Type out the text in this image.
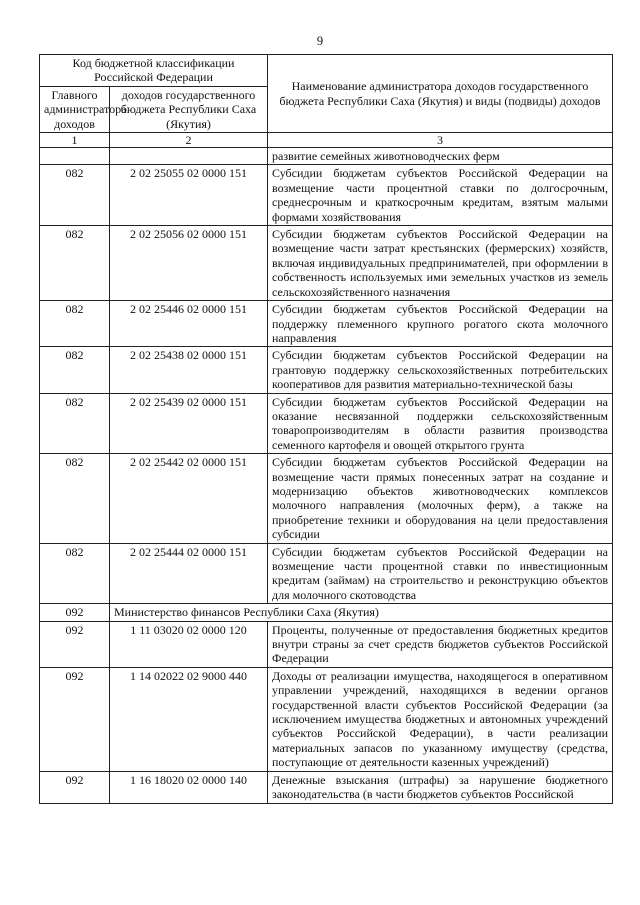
9
Код бюджетной классификации Российской Федерации		Наименование администратора доходов государственного бюджета Республики Саха (Якутия) и виды (подвиды) доходов
Главного администратора доходов	доходов государственного бюджета Республики Саха (Якутия)	
1	2	3
		развитие семейных животноводческих ферм
082	2 02 25055 02 0000 151	Субсидии бюджетам субъектов Российской Федерации на возмещение части процентной ставки по долгосрочным, среднесрочным и краткосрочным кредитам, взятым малыми формами хозяйствования
082	2 02 25056 02 0000 151	Субсидии бюджетам субъектов Российской Федерации на возмещение части затрат крестьянских (фермерских) хозяйств, включая индивидуальных предпринимателей, при оформлении в собственность используемых ими земельных участков из земель сельскохозяйственного назначения
082	2 02 25446 02 0000 151	Субсидии бюджетам субъектов Российской Федерации на поддержку племенного крупного рогатого скота молочного направления
082	2 02 25438 02 0000 151	Субсидии бюджетам субъектов Российской Федерации на грантовую поддержку сельскохозяйственных потребительских кооперативов для развития материально-технической базы
082	2 02 25439 02 0000 151	Субсидии бюджетам субъектов Российской Федерации на оказание несвязанной поддержки сельскохозяйственным товаропроизводителям в области развития производства семенного картофеля и овощей открытого грунта
082	2 02 25442 02 0000 151	Субсидии бюджетам субъектов Российской Федерации на возмещение части прямых понесенных затрат на создание и модернизацию объектов животноводческих комплексов молочного направления (молочных ферм), а также на приобретение техники и оборудования на цели предоставления субсидии
082	2 02 25444 02 0000 151	Субсидии бюджетам субъектов Российской Федерации на возмещение части процентной ставки по инвестиционным кредитам (займам) на строительство и реконструкцию объектов для молочного скотоводства
092	Министерство финансов Республики Саха (Якутия)	
092	1 11 03020 02 0000 120	Проценты, полученные от предоставления бюджетных кредитов внутри страны за счет средств бюджетов субъектов Российской Федерации
092	1 14 02022 02 9000 440	Доходы от реализации имущества, находящегося в оперативном управлении учреждений, находящихся в ведении органов государственной власти субъектов Российской Федерации (за исключением имущества бюджетных и автономных учреждений субъектов Российской Федерации), в части реализации материальных запасов по указанному имуществу (средства, поступающие от деятельности казенных учреждений)
092	1 16 18020 02 0000 140	Денежные взыскания (штрафы) за нарушение бюджетного законодательства (в части бюджетов субъектов Российской
